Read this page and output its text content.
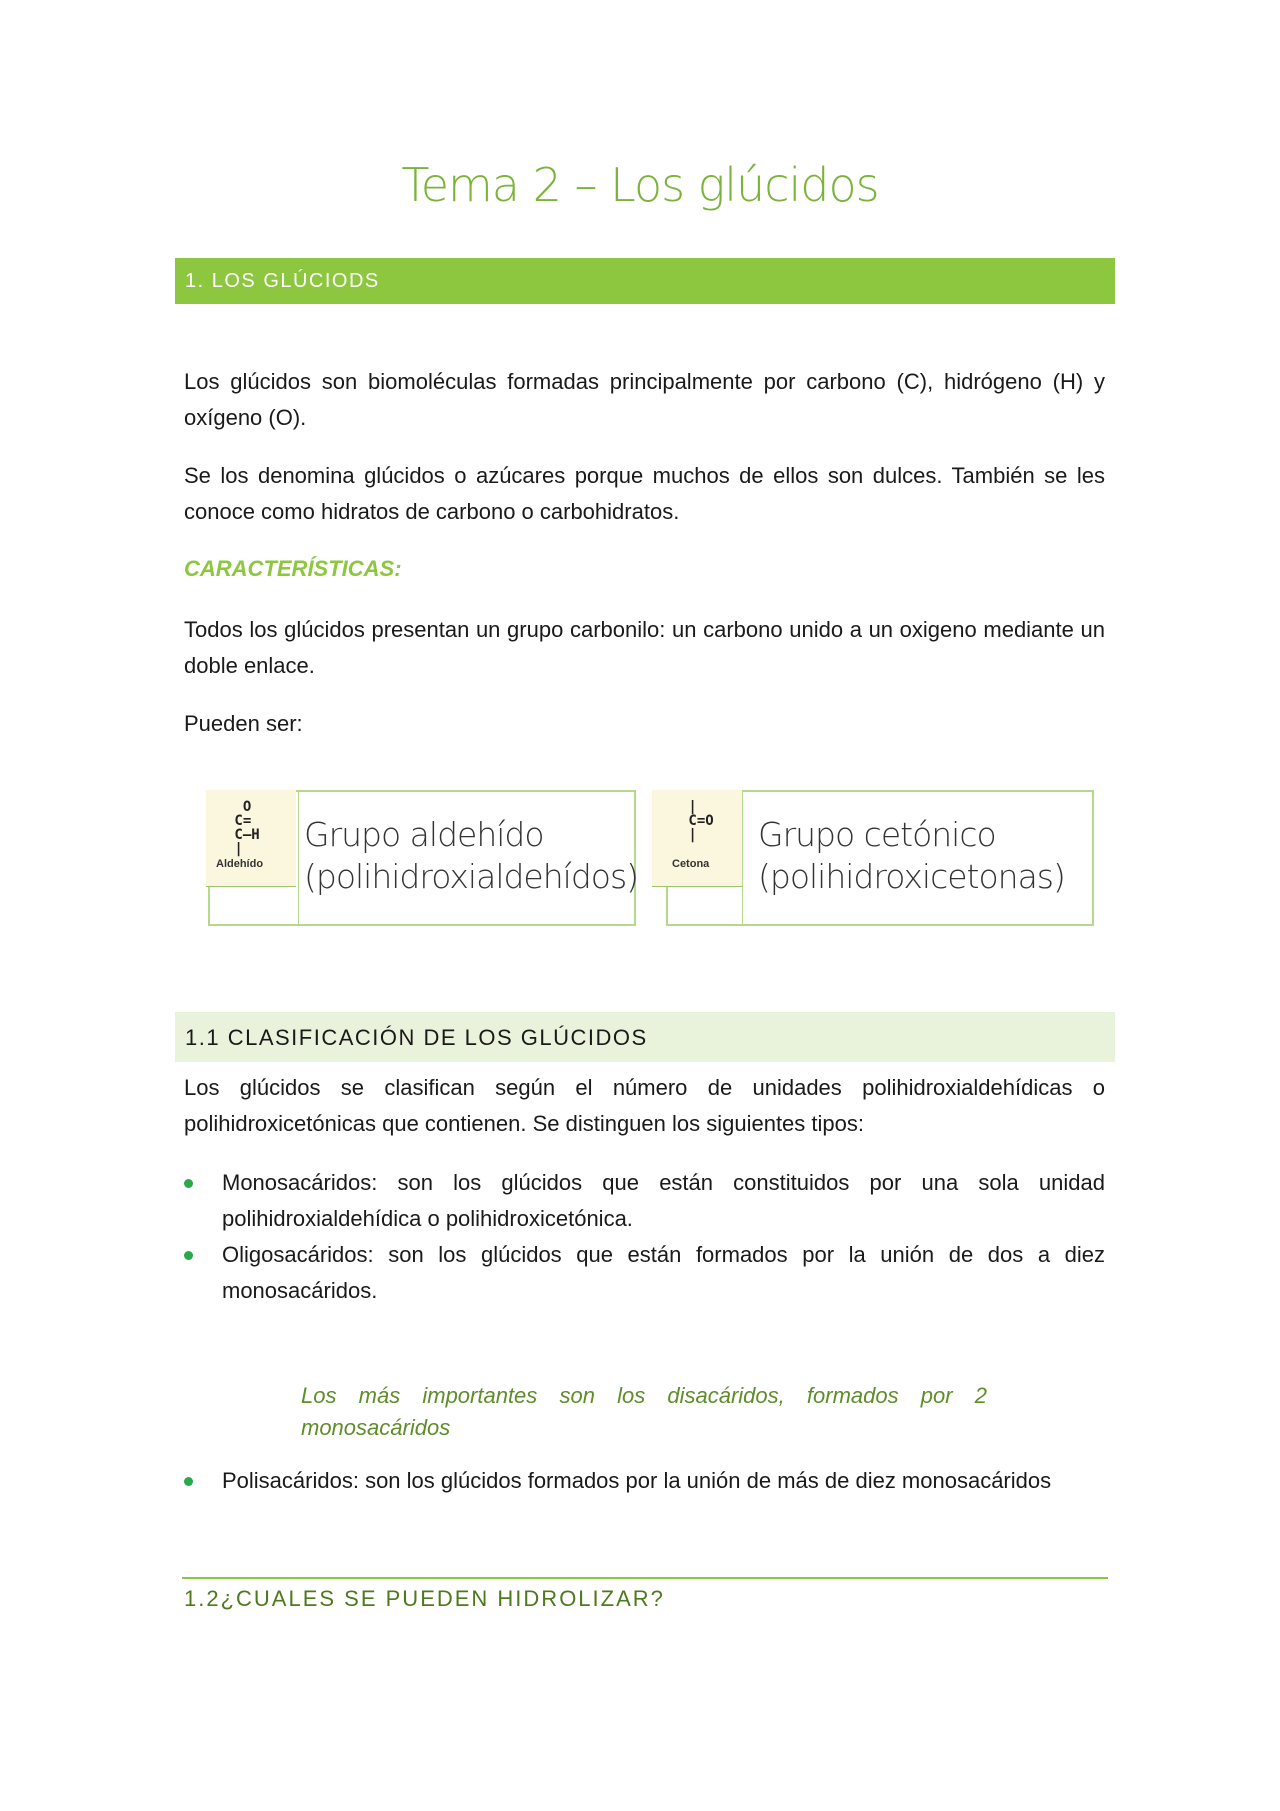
Tema 2 – Los glúcidos
1. LOS GLÚCIODS

Los glúcidos son biomoléculas formadas principalmente por carbono (C), hidrógeno (H) y oxígeno (O).

Se los denomina glúcidos o azúcares porque muchos de ellos son dulces. También se les conoce como hidratos de carbono o carbohidratos.

CARACTERÍSTICAS:

Todos los glúcidos presentan un grupo carbonilo: un carbono unido a un oxigeno mediante un doble enlace.

Pueden ser:

O
C=
C–H
|
Aldehído
Grupo aldehído
(polihidroxialdehídos)
|
C=O
|
Cetona
Grupo cetónico
(polihidroxicetonas)
1.1 CLASIFICACIÓN DE LOS GLÚCIDOS

Los glúcidos se clasifican según el número de unidades polihidroxialdehídicas o polihidroxicetónicas que contienen. Se distinguen los siguientes tipos:

Monosacáridos: son los glúcidos que están constituidos por una sola unidad polihidroxialdehídica o polihidroxicetónica.
Oligosacáridos: son los glúcidos que están formados por la unión de dos a diez monosacáridos.

Los más importantes son los disacáridos, formados por 2 monosacáridos

Polisacáridos: son los glúcidos formados por la unión de más de diez monosacáridos
1.2¿CUALES SE PUEDEN HIDROLIZAR?
